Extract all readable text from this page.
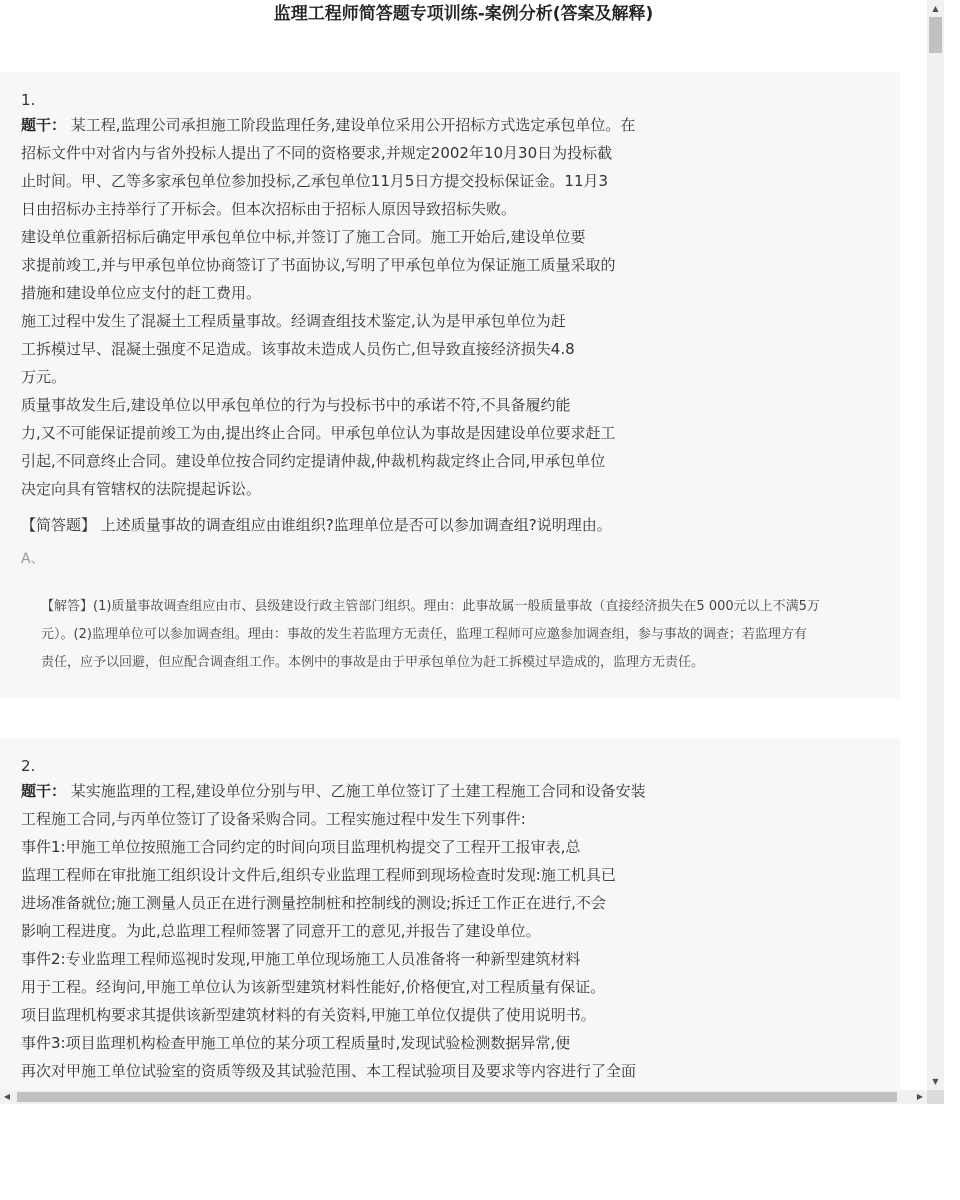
监理工程师简答题专项训练-案例分析(答案及解释)
1.
题干： 某工程,监理公司承担施工阶段监理任务,建设单位采用公开招标方式选定承包单位。在
招标文件中对省内与省外投标人提出了不同的资格要求,并规定2002年10月30日为投标截
止时间。甲、乙等多家承包单位参加投标,乙承包单位11月5日方提交投标保证金。11月3
日由招标办主持举行了开标会。但本次招标由于招标人原因导致招标失败。
建设单位重新招标后确定甲承包单位中标,并签订了施工合同。施工开始后,建设单位要
求提前竣工,并与甲承包单位协商签订了书面协议,写明了甲承包单位为保证施工质量采取的
措施和建设单位应支付的赶工费用。
施工过程中发生了混凝土工程质量事故。经调查组技术鉴定,认为是甲承包单位为赶
工拆模过早、混凝土强度不足造成。该事故未造成人员伤亡,但导致直接经济损失4.8
万元。
质量事故发生后,建设单位以甲承包单位的行为与投标书中的承诺不符,不具备履约能
力,又不可能保证提前竣工为由,提出终止合同。甲承包单位认为事故是因建设单位要求赶工
引起,不同意终止合同。建设单位按合同约定提请仲裁,仲裁机构裁定终止合同,甲承包单位
决定向具有管辖权的法院提起诉讼。
【简答题】 上述质量事故的调查组应由谁组织?监理单位是否可以参加调查组?说明理由。
A、
【解答】(1)质量事故调查组应由市、县级建设行政主管部门组织。理由：此事故属一般质量事故（直接经济损失在5 000元以上不满5万
元）。(2)监理单位可以参加调查组。理由：事故的发生若监理方无责任，监理工程师可应邀参加调查组，参与事故的调查；若监理方有
责任，应予以回避，但应配合调查组工作。本例中的事故是由于甲承包单位为赶工拆模过早造成的，监理方无责任。
2.
题干： 某实施监理的工程,建设单位分别与甲、乙施工单位签订了土建工程施工合同和设备安装
工程施工合同,与丙单位签订了设备采购合同。工程实施过程中发生下列事件:
事件1:甲施工单位按照施工合同约定的时间向项目监理机构提交了工程开工报审表,总
监理工程师在审批施工组织设计文件后,组织专业监理工程师到现场检查时发现:施工机具已
进场准备就位;施工测量人员正在进行测量控制桩和控制线的测设;拆迁工作正在进行,不会
影响工程进度。为此,总监理工程师签署了同意开工的意见,并报告了建设单位。
事件2:专业监理工程师巡视时发现,甲施工单位现场施工人员准备将一种新型建筑材料
用于工程。经询问,甲施工单位认为该新型建筑材料性能好,价格便宜,对工程质量有保证。
项目监理机构要求其提供该新型建筑材料的有关资料,甲施工单位仅提供了使用说明书。
事件3:项目监理机构检查甲施工单位的某分项工程质量时,发现试验检测数据异常,便
再次对甲施工单位试验室的资质等级及其试验范围、本工程试验项目及要求等内容进行了全面
▲
▼
◀	▶
